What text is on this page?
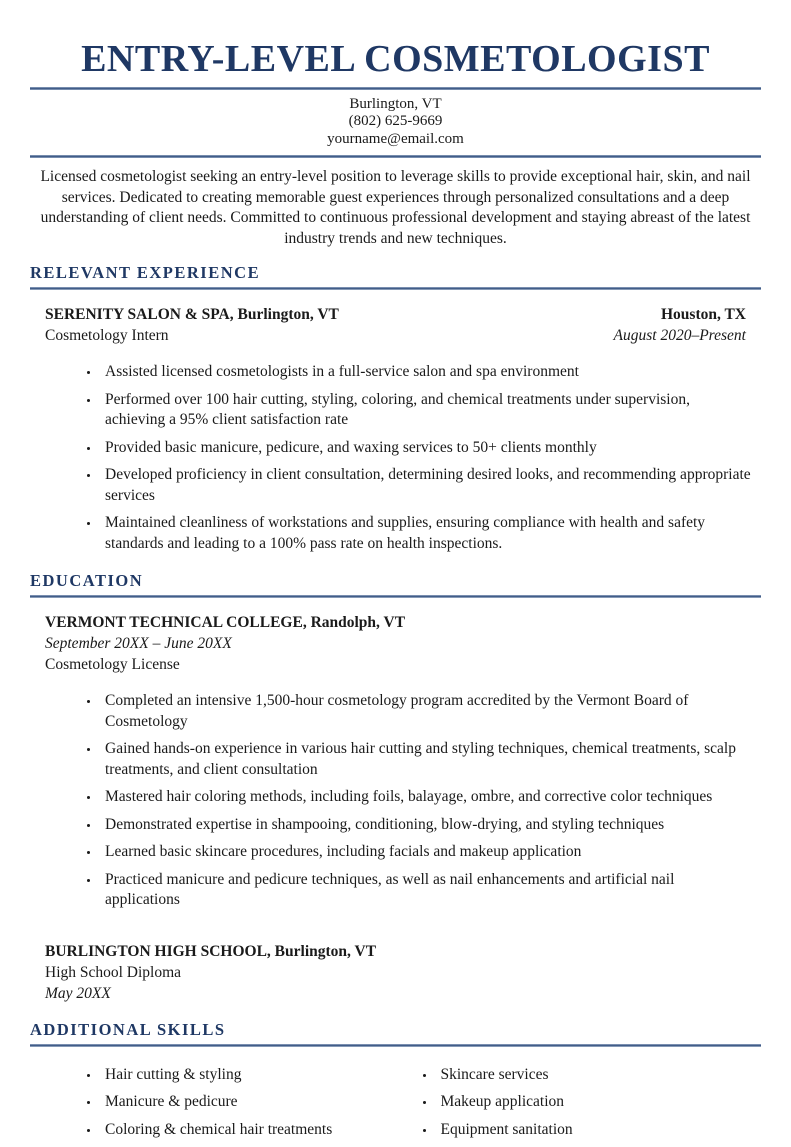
ENTRY-LEVEL COSMETOLOGIST
Burlington, VT
(802) 625-9669
yourname@email.com

Licensed cosmetologist seeking an entry-level position to leverage skills to provide exceptional hair, skin, and nail services. Dedicated to creating memorable guest experiences through personalized consultations and a deep understanding of client needs. Committed to continuous professional development and staying abreast of the latest industry trends and new techniques.

RELEVANT EXPERIENCE
SERENITY SALON & SPA, Burlington, VT
Cosmetology Intern
Houston, TX
August 2020–Present
• Assisted licensed cosmetologists in a full-service salon and spa environment
• Performed over 100 hair cutting, styling, coloring, and chemical treatments under supervision, achieving a 95% client satisfaction rate
• Provided basic manicure, pedicure, and waxing services to 50+ clients monthly
• Developed proficiency in client consultation, determining desired looks, and recommending appropriate services
• Maintained cleanliness of workstations and supplies, ensuring compliance with health and safety standards and leading to a 100% pass rate on health inspections.
EDUCATION
VERMONT TECHNICAL COLLEGE, Randolph, VT
September 20XX – June 20XX
Cosmetology License
• Completed an intensive 1,500-hour cosmetology program accredited by the Vermont Board of Cosmetology
• Gained hands-on experience in various hair cutting and styling techniques, chemical treatments, scalp treatments, and client consultation
• Mastered hair coloring methods, including foils, balayage, ombre, and corrective color techniques
• Demonstrated expertise in shampooing, conditioning, blow-drying, and styling techniques
• Learned basic skincare procedures, including facials and makeup application
• Practiced manicure and pedicure techniques, as well as nail enhancements and artificial nail applications
BURLINGTON HIGH SCHOOL, Burlington, VT
High School Diploma
May 20XX
ADDITIONAL SKILLS
• Hair cutting & styling
• Manicure & pedicure
• Coloring & chemical hair treatments
• Skincare services
• Makeup application
• Equipment sanitation
